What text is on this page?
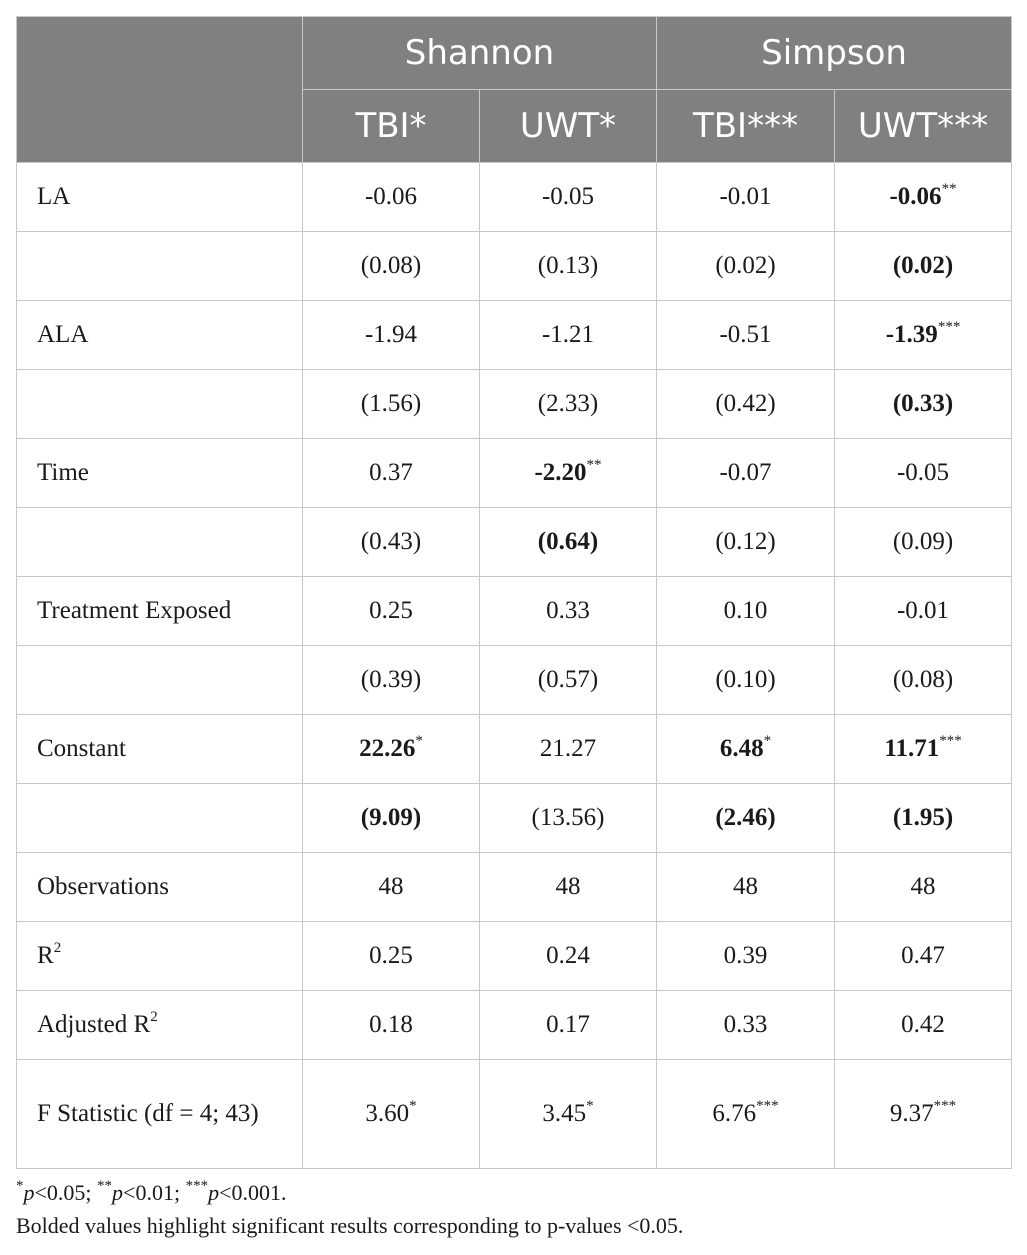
	Shannon		Simpson	
	TBI*	UWT*	TBI***	UWT***
LA	-0.06	-0.05	-0.01	-0.06**
	(0.08)	(0.13)	(0.02)	(0.02)
ALA	-1.94	-1.21	-0.51	-1.39***
	(1.56)	(2.33)	(0.42)	(0.33)
Time	0.37	-2.20**	-0.07	-0.05
	(0.43)	(0.64)	(0.12)	(0.09)
Treatment Exposed	0.25	0.33	0.10	-0.01
	(0.39)	(0.57)	(0.10)	(0.08)
Constant	22.26*	21.27	6.48*	11.71***
	(9.09)	(13.56)	(2.46)	(1.95)
Observations	48	48	48	48
$R^2$	0.25	0.24	0.39	0.47
Adjusted $R^2$	0.18	0.17	0.33	0.42
F Statistic (df = 4; 43)	3.60*	3.45*	6.76***	9.37***
*p<0.05; **p<0.01; ***p<0.001.
Bolded values highlight significant results corresponding to p-values <0.05.
